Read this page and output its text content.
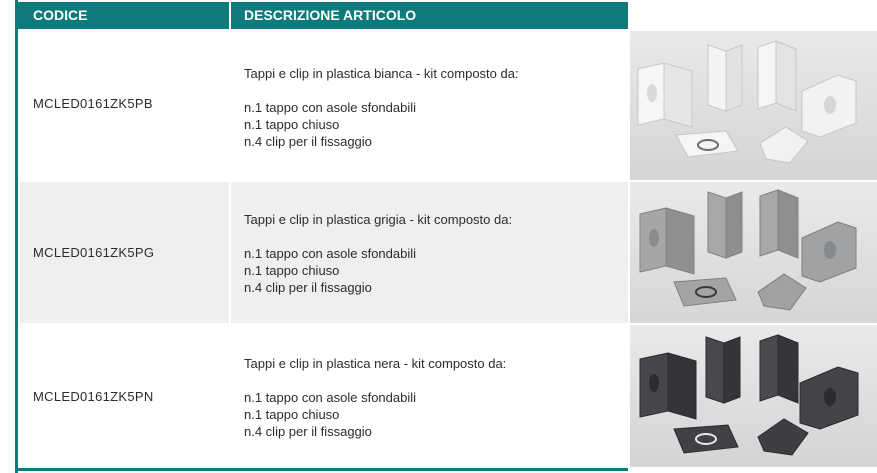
CODICE	DESCRIZIONE ARTICOLO
MCLED0161ZK5PB
Tappi e clip in plastica bianca - kit composto da:
n.1 tappo con asole sfondabili
n.1 tappo chiuso
n.4 clip per il fissaggio
MCLED0161ZK5PG
Tappi e clip in plastica grigia - kit composto da:
n.1 tappo con asole sfondabili
n.1 tappo chiuso
n.4 clip per il fissaggio
MCLED0161ZK5PN
Tappi e clip in plastica nera - kit composto da:
n.1 tappo con asole sfondabili
n.1 tappo chiuso
n.4 clip per il fissaggio
